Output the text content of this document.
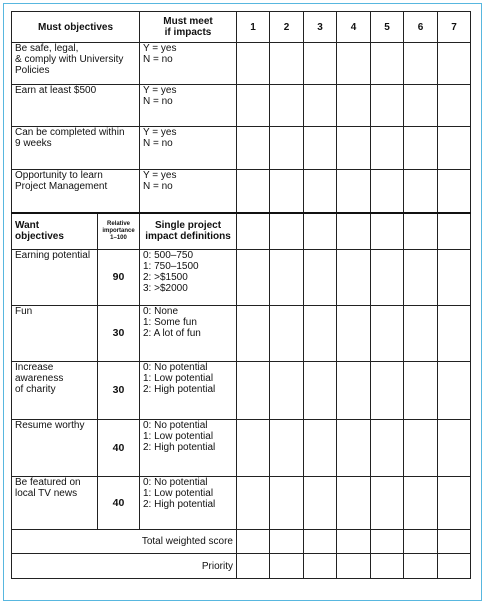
Must objectives		Must meet
if impacts	1	2	3	4	5	6	7

Be safe, legal,
& comply with University
Policies		Y = yes
N = no							

Earn at least $500		Y = yes
N = no							

Can be completed within
9 weeks		Y = yes
N = no							

Opportunity to learn
Project Management		Y = yes
N = no							

Want
objectives	Relative
importance
1–100	Single project
impact definitions							

Earning potential	90	0: 500–750
1: 750–1500
2: >$1500
3: >$2000							

Fun	30	0: None
1: Some fun
2: A lot of fun							

Increase
awareness
of charity	30	0: No potential
1: Low potential
2: High potential							

Resume worthy	40	0: No potential
1: Low potential
2: High potential							

Be featured on
local TV news	40	0: No potential
1: Low potential
2: High potential							

Total weighted score									
Priority									
